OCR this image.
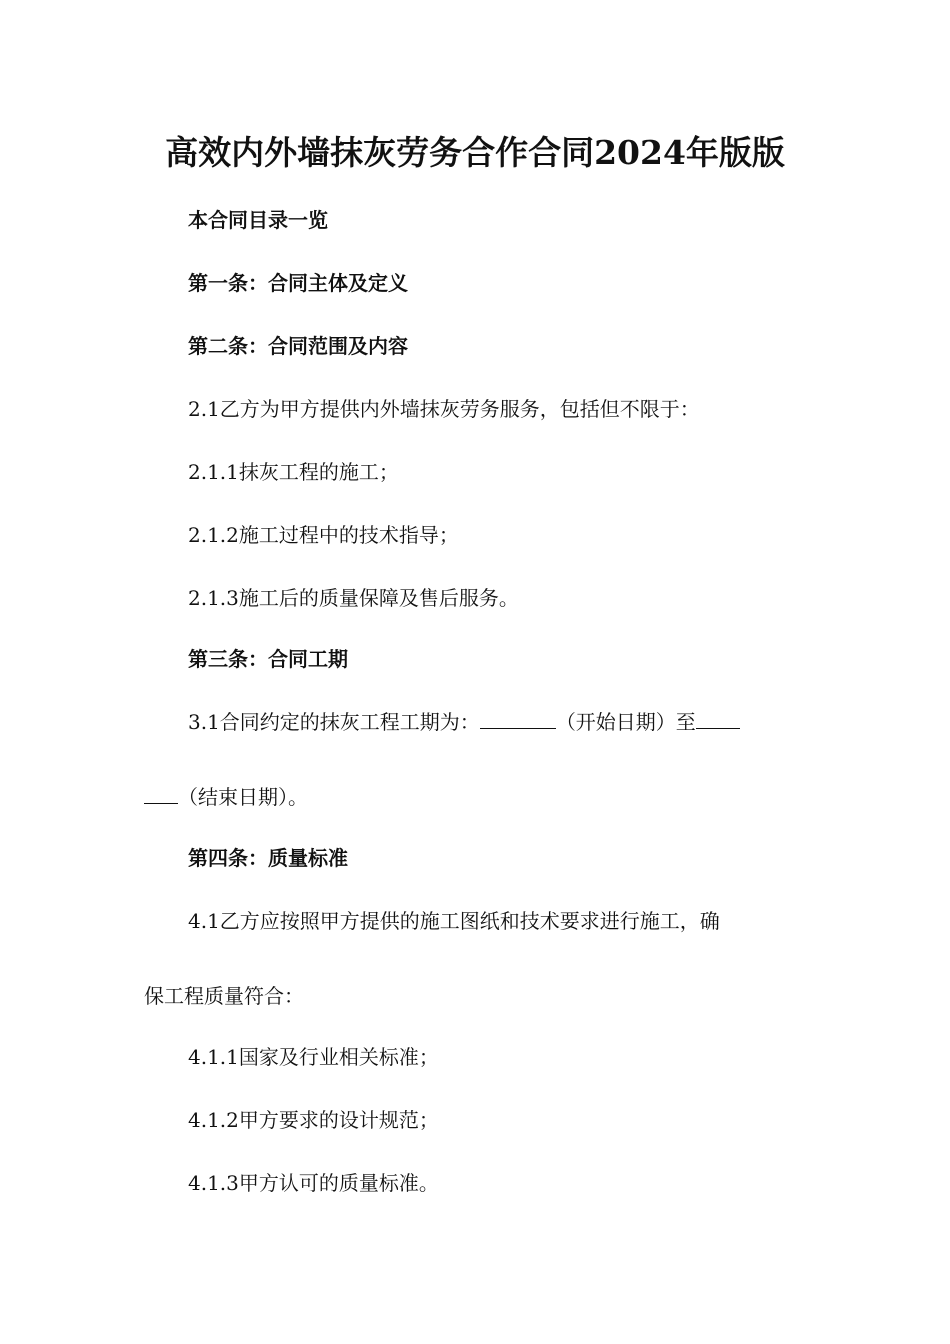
高效内外墙抹灰劳务合作合同2024年版版
本合同目录一览
第一条：合同主体及定义
第二条：合同范围及内容
2.1乙方为甲方提供内外墙抹灰劳务服务，包括但不限于：
2.1.1抹灰工程的施工；
2.1.2施工过程中的技术指导；
2.1.3施工后的质量保障及售后服务。
第三条：合同工期
3.1合同约定的抹灰工程工期为：	（开始日期）至
（结束日期）。
第四条：质量标准
4.1乙方应按照甲方提供的施工图纸和技术要求进行施工，确
保工程质量符合：
4.1.1国家及行业相关标准；
4.1.2甲方要求的设计规范；
4.1.3甲方认可的质量标准。
